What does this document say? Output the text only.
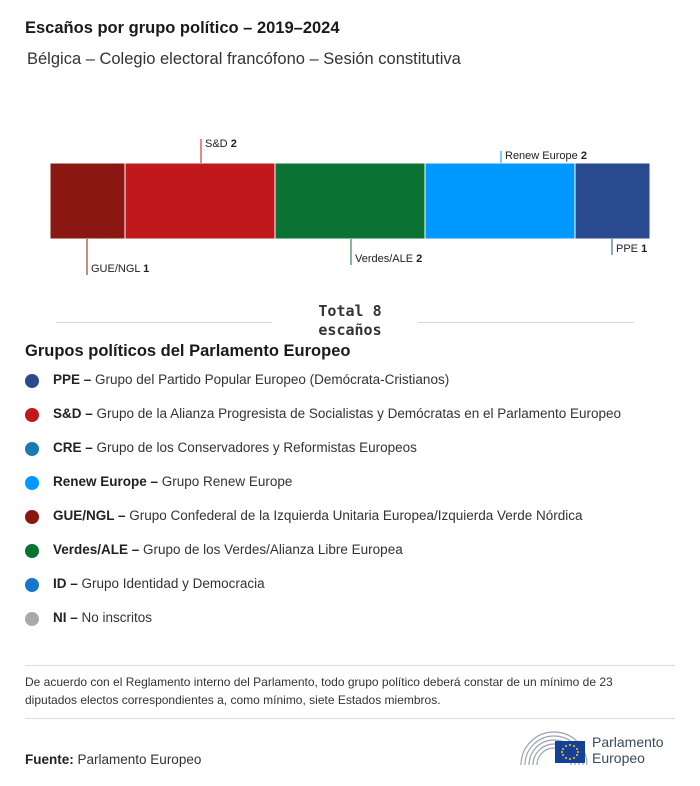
Escaños por grupo político – 2019–2024
Bélgica – Colegio electoral francófono – Sesión constitutiva
GUE/NGL 1
S&D 2
Verdes/ALE 2
Renew Europe 2
PPE 1
Total 8
escaños
Grupos políticos del Parlamento Europeo
PPE – Grupo del Partido Popular Europeo (Demócrata-Cristianos)
S&D – Grupo de la Alianza Progresista de Socialistas y Demócratas en el Parlamento Europeo
CRE – Grupo de los Conservadores y Reformistas Europeos
Renew Europe – Grupo Renew Europe
GUE/NGL – Grupo Confederal de la Izquierda Unitaria Europea/Izquierda Verde Nórdica
Verdes/ALE – Grupo de los Verdes/Alianza Libre Europea
ID – Grupo Identidad y Democracia
NI – No inscritos
De acuerdo con el Reglamento interno del Parlamento, todo grupo político deberá constar de un mínimo de 23 diputados electos correspondientes a, como mínimo, siete Estados miembros.
Fuente: Parlamento Europeo
Parlamento
Europeo
